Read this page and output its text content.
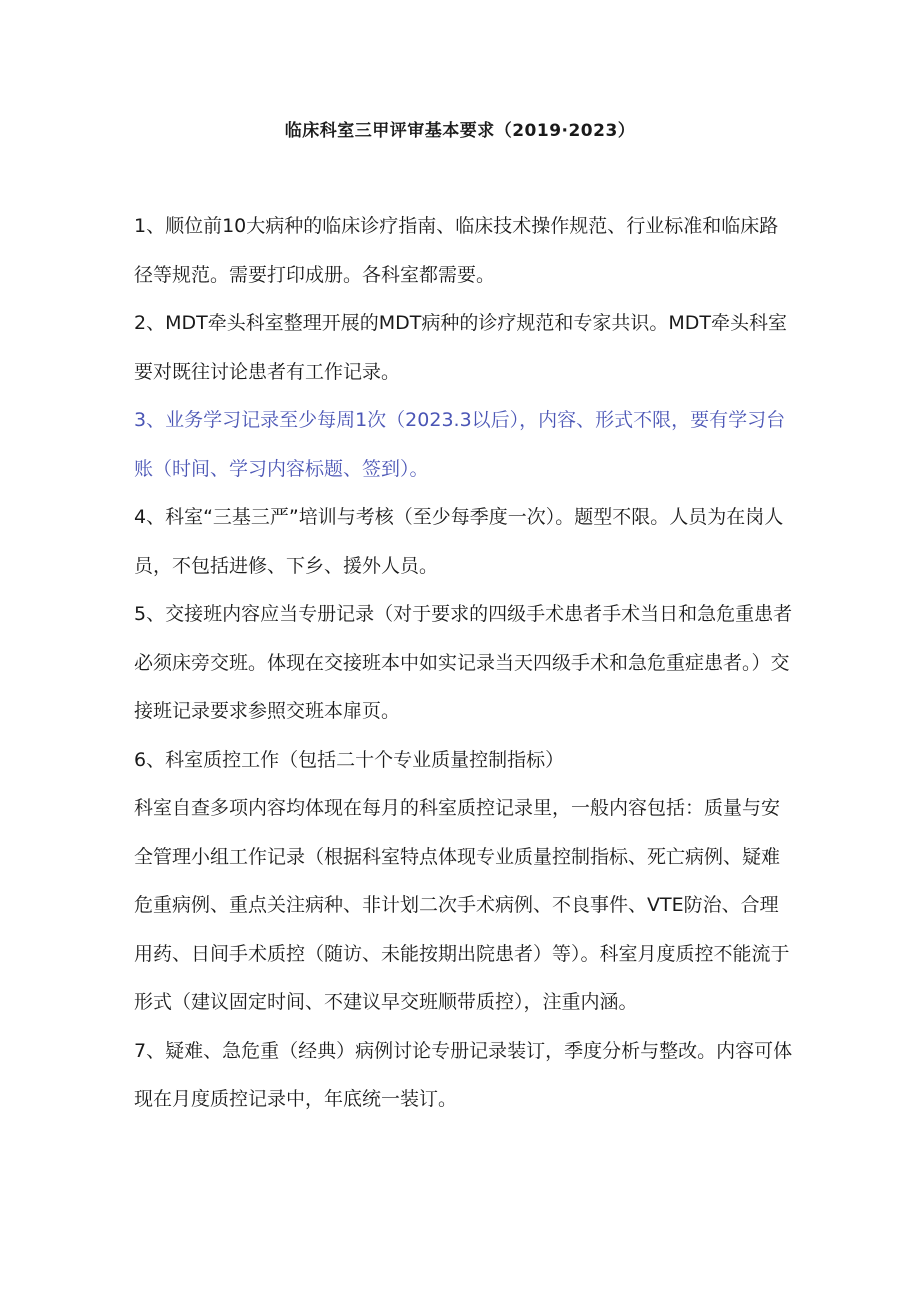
临床科室三甲评审基本要求（2019·2023）

1、顺位前10大病种的临床诊疗指南、临床技术操作规范、行业标准和临床路径等规范。需要打印成册。各科室都需要。

2、MDT牵头科室整理开展的MDT病种的诊疗规范和专家共识。MDT牵头科室要对既往讨论患者有工作记录。

3、业务学习记录至少每周1次（2023.3以后），内容、形式不限，要有学习台账（时间、学习内容标题、签到）。

4、科室“三基三严”培训与考核（至少每季度一次）。题型不限。人员为在岗人员，不包括进修、下乡、援外人员。

5、交接班内容应当专册记录（对于要求的四级手术患者手术当日和急危重患者必须床旁交班。体现在交接班本中如实记录当天四级手术和急危重症患者。）交接班记录要求参照交班本扉页。

6、科室质控工作（包括二十个专业质量控制指标）

科室自查多项内容均体现在每月的科室质控记录里，一般内容包括：质量与安全管理小组工作记录（根据科室特点体现专业质量控制指标、死亡病例、疑难危重病例、重点关注病种、非计划二次手术病例、不良事件、VTE防治、合理用药、日间手术质控（随访、未能按期出院患者）等）。科室月度质控不能流于形式（建议固定时间、不建议早交班顺带质控），注重内涵。

7、疑难、急危重（经典）病例讨论专册记录装订，季度分析与整改。内容可体现在月度质控记录中，年底统一装订。
